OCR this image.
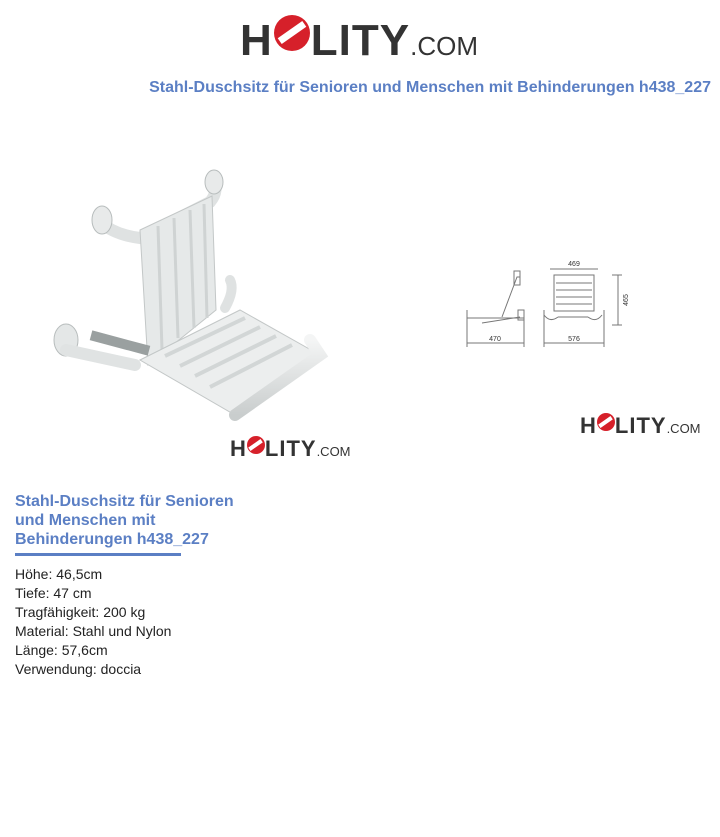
H LITY .COM
Stahl-Duschsitz für Senioren und Menschen mit Behinderungen h438_227
H LITY .COM
470
469
576
465
H LITY .COM
Stahl-Duschsitz für Senioren
und Menschen mit
Behinderungen h438_227
Höhe: 46,5cm
Tiefe: 47 cm
Tragfähigkeit: 200 kg
Material: Stahl und Nylon
Länge: 57,6cm
Verwendung: doccia
